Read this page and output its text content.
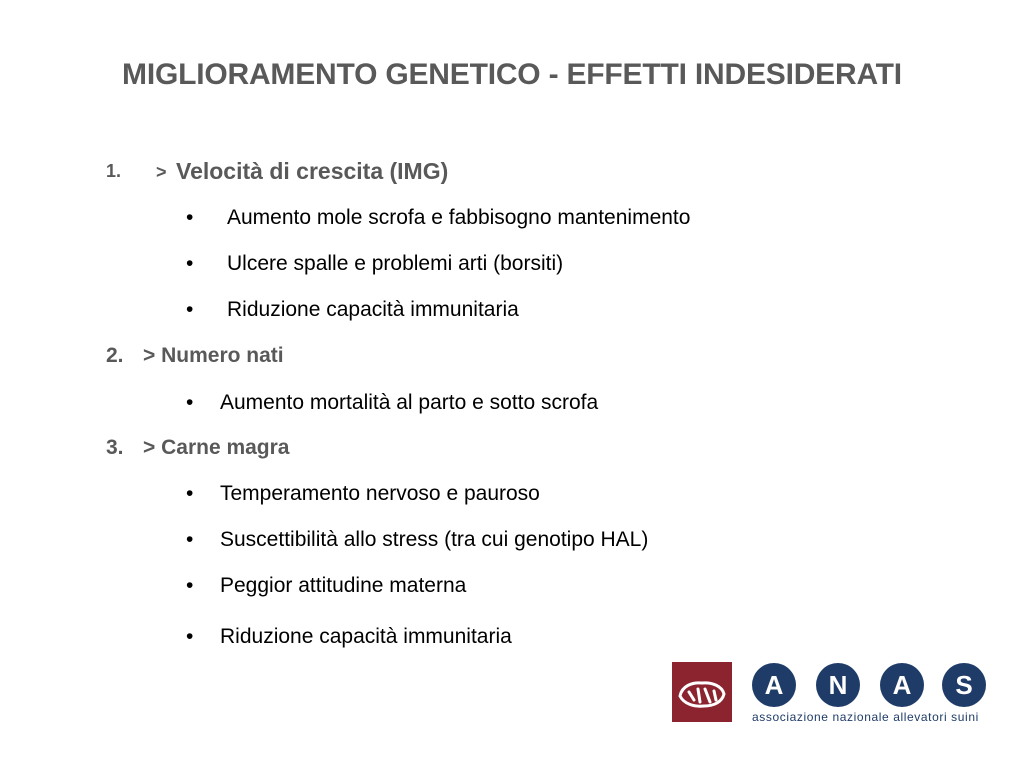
MIGLIORAMENTO GENETICO - EFFETTI INDESIDERATI
1. > Velocità di crescita (IMG)
• Aumento mole scrofa e fabbisogno mantenimento
• Ulcere spalle e problemi arti (borsiti)
• Riduzione capacità immunitaria
2. > Numero nati
• Aumento mortalità al parto e sotto scrofa
3. > Carne magra
• Temperamento nervoso e pauroso
• Suscettibilità allo stress (tra cui genotipo HAL)
• Peggior attitudine materna
• Riduzione capacità immunitaria
A	N	A	S
associazione nazionale allevatori suini
